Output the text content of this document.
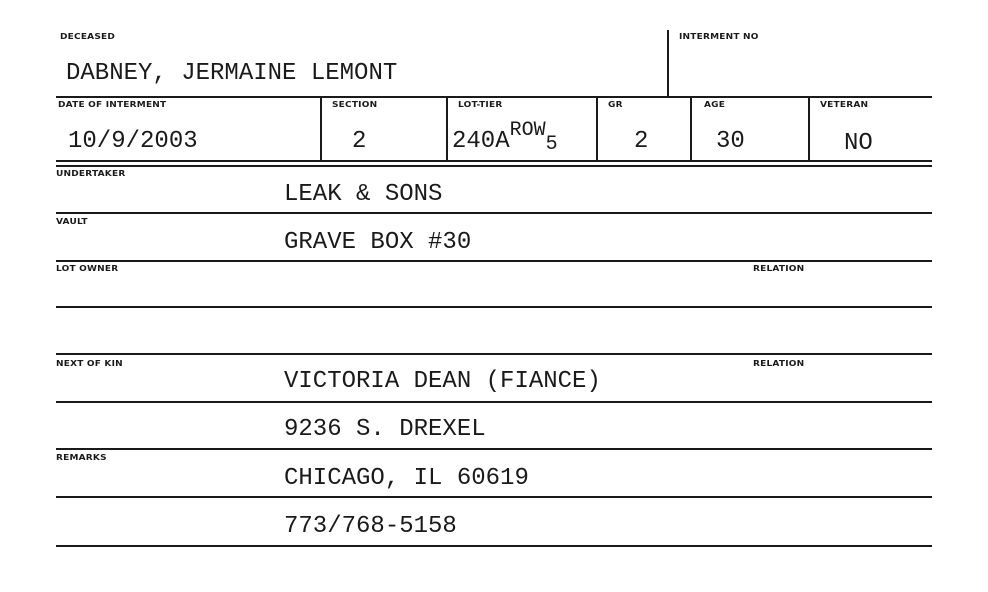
DECEASED
DABNEY, JERMAINE LEMONT
INTERMENT NO
DATE OF INTERMENT
10/9/2003
SECTION
2
LOT-TIER
$240A^{ROW}5$
GR
2
AGE
30
VETERAN
NO
UNDERTAKER
LEAK & SONS
VAULT
GRAVE BOX #30
LOT OWNER	RELATION
NEXT OF KIN
VICTORIA DEAN (FIANCE)
RELATION
9236 S. DREXEL
REMARKS
CHICAGO, IL 60619
773/768-5158
